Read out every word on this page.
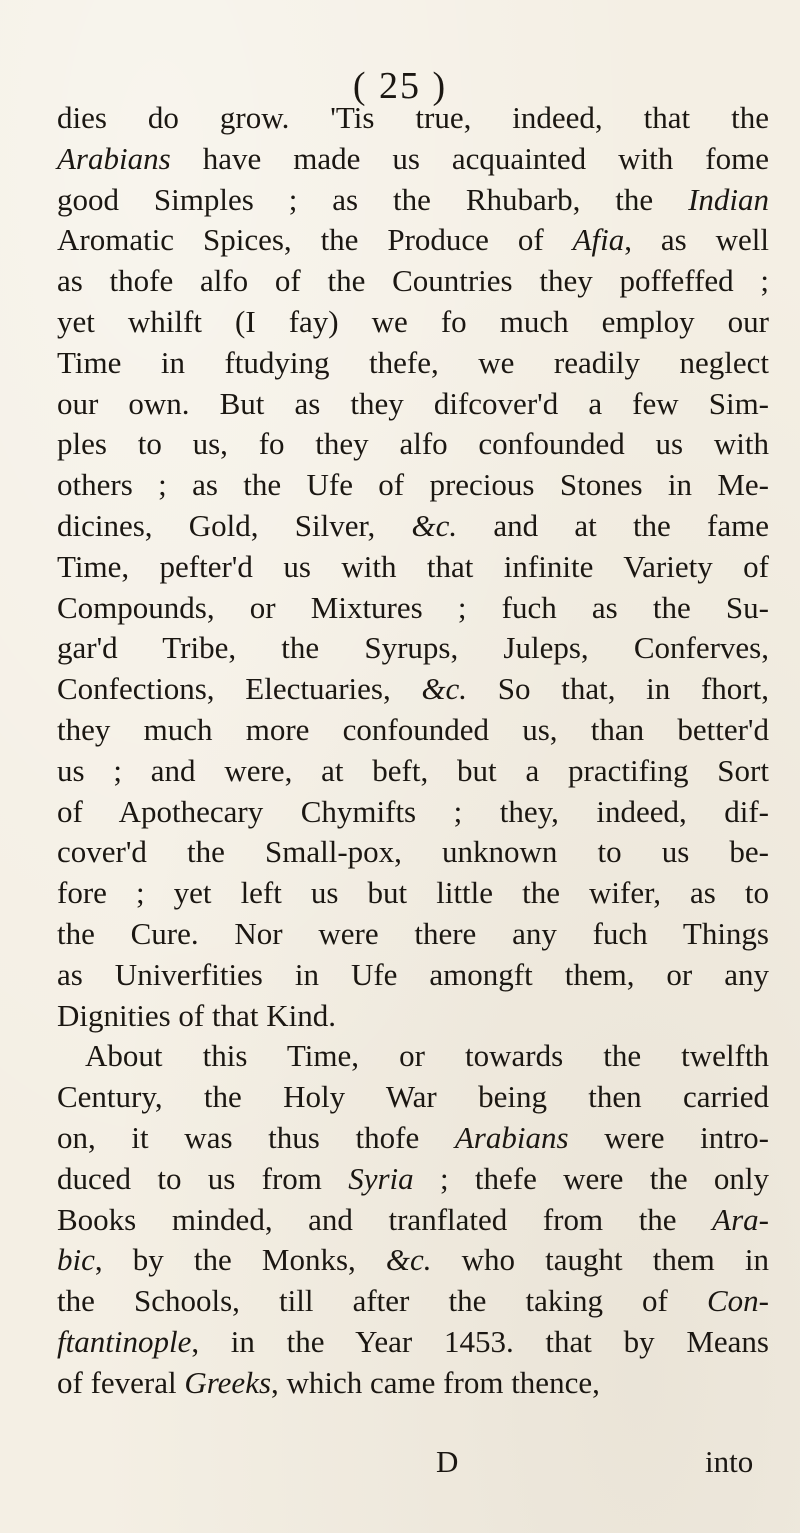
( 25 )
dies do grow. 'Tis true, indeed, that the
Arabians have made us acquainted with fome
good Simples ; as the Rhubarb, the Indian
Aromatic Spices, the Produce of Afia, as well
as thofe alfo of the Countries they poffeffed ;
yet whilft (I fay) we fo much employ our
Time in ftudying thefe, we readily neglect
our own. But as they difcover'd a few Sim-
ples to us, fo they alfo confounded us with
others ; as the Ufe of precious Stones in Me-
dicines, Gold, Silver, &c. and at the fame
Time, pefter'd us with that infinite Variety of
Compounds, or Mixtures ; fuch as the Su-
gar'd Tribe, the Syrups, Juleps, Conferves,
Confections, Electuaries, &c. So that, in fhort,
they much more confounded us, than better'd
us ; and were, at beft, but a practifing Sort
of Apothecary Chymifts ; they, indeed, dif-
cover'd the Small-pox, unknown to us be-
fore ; yet left us but little the wifer, as to
the Cure. Nor were there any fuch Things
as Univerfities in Ufe amongft them, or any
Dignities of that Kind.
About this Time, or towards the twelfth
Century, the Holy War being then carried
on, it was thus thofe Arabians were intro-
duced to us from Syria ; thefe were the only
Books minded, and tranflated from the Ara-
bic, by the Monks, &c. who taught them in
the Schools, till after the taking of Con-
ftantinople, in the Year 1453. that by Means
of feveral Greeks, which came from thence,
D	into
